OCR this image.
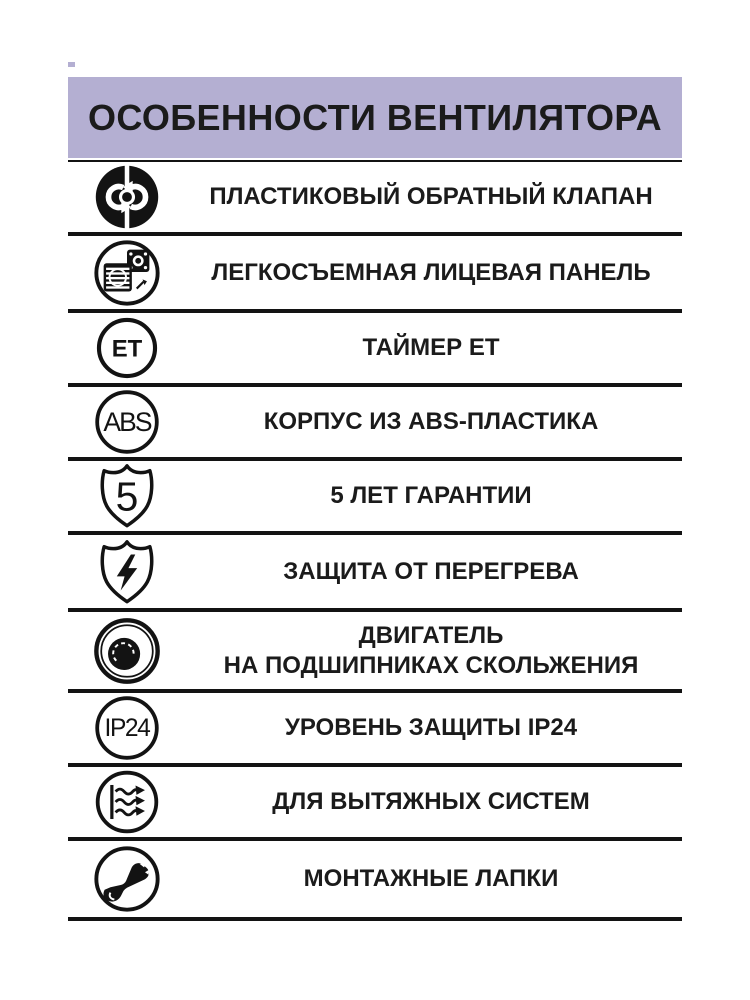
ОСОБЕННОСТИ ВЕНТИЛЯТОРА
ПЛАСТИКОВЫЙ ОБРАТНЫЙ КЛАПАН
ЛЕГКОСЪЕМНАЯ ЛИЦЕВАЯ ПАНЕЛЬ
ET	ТАЙМЕР ET
ABS	КОРПУС ИЗ ABS-ПЛАСТИКА
5	5 ЛЕТ ГАРАНТИИ
ЗАЩИТА ОТ ПЕРЕГРЕВА
ДВИГАТЕЛЬ
НА ПОДШИПНИКАХ СКОЛЬЖЕНИЯ
IP24	УРОВЕНЬ ЗАЩИТЫ IP24
ДЛЯ ВЫТЯЖНЫХ СИСТЕМ
МОНТАЖНЫЕ ЛАПКИ
